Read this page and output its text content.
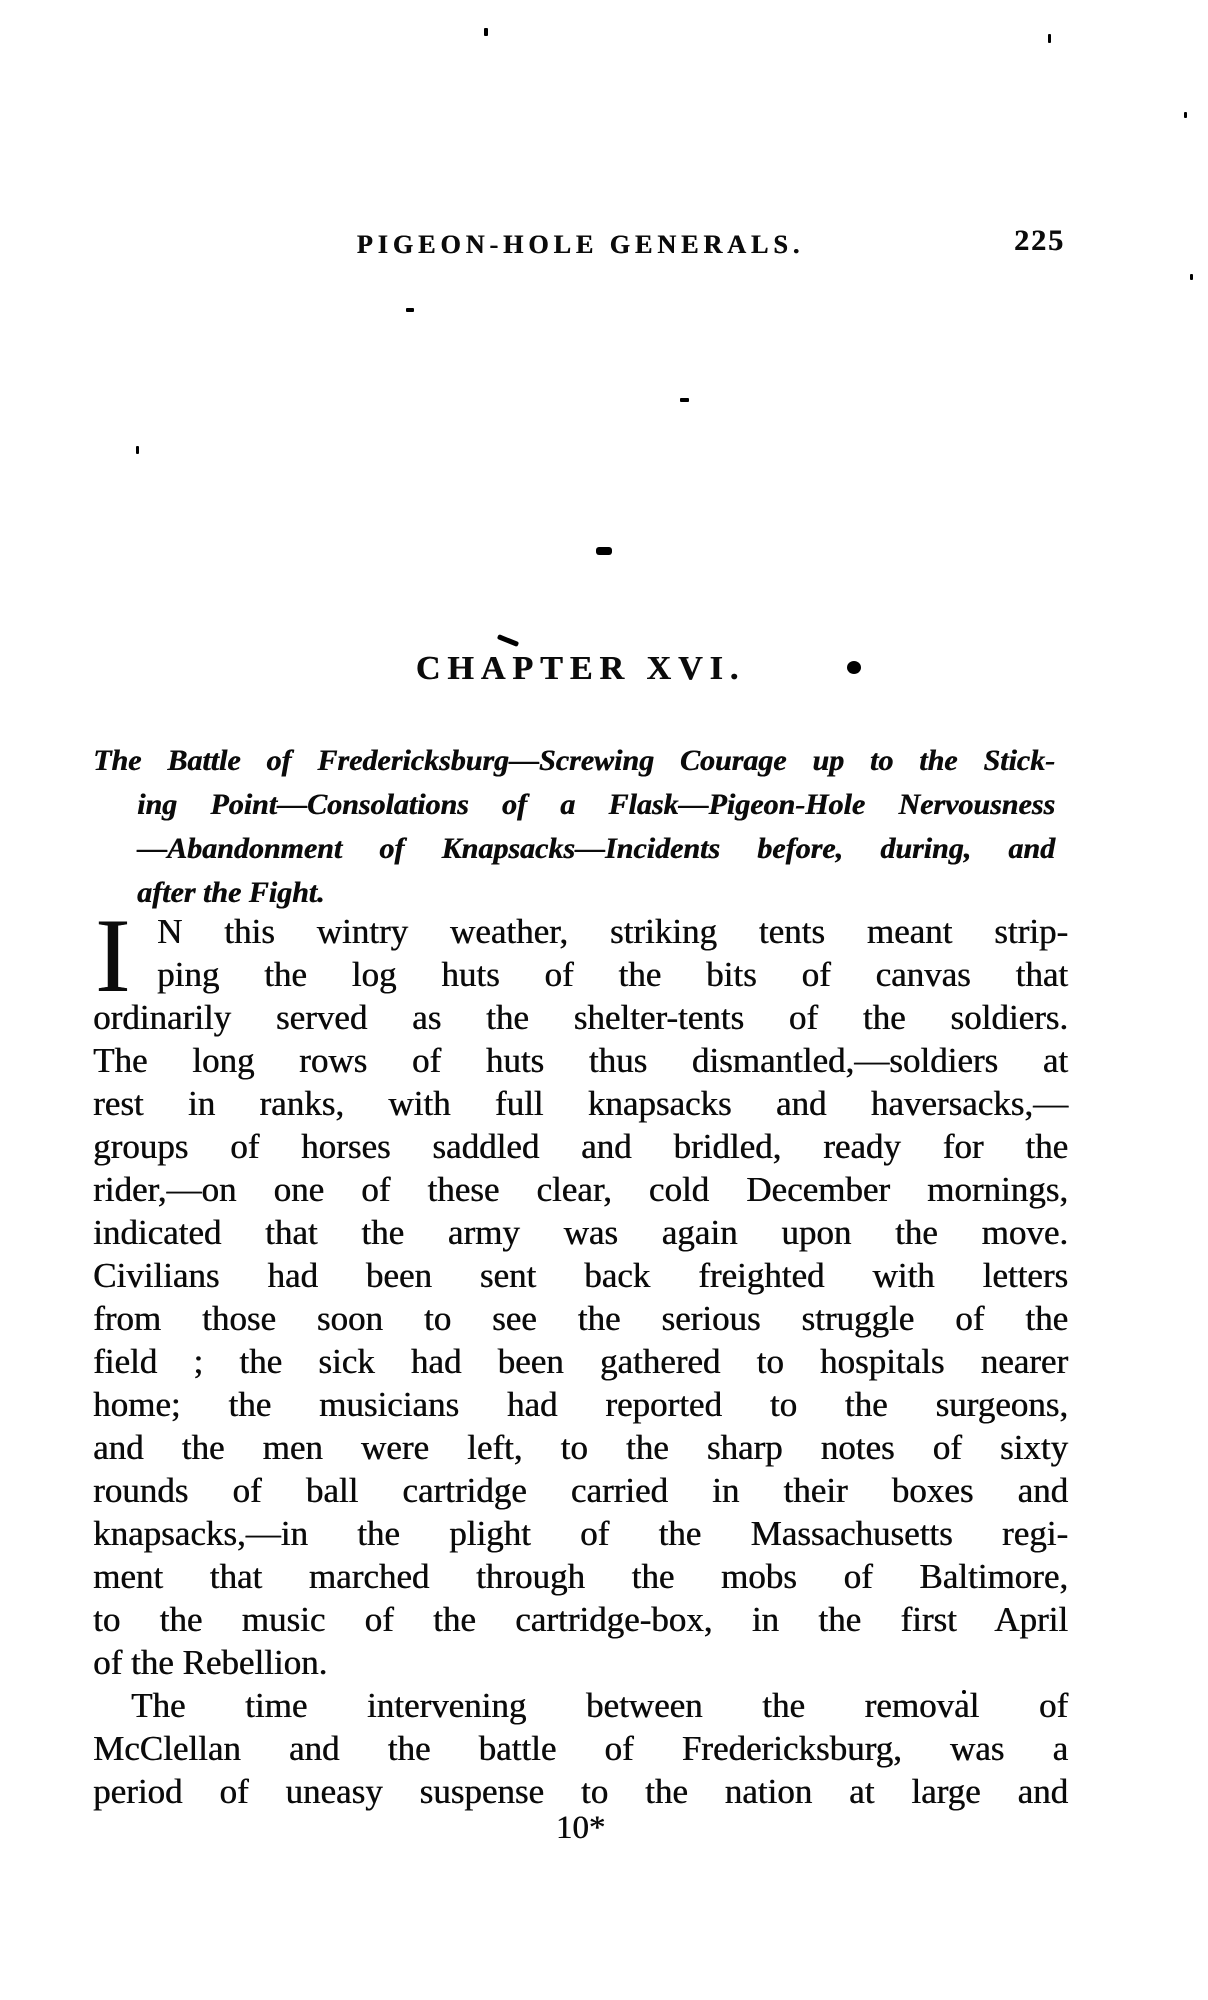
PIGEON-HOLE GENERALS.	225
CHAPTER XVI.
The Battle of Fredericksburg—Screwing Courage up to the Stick-
ing Point—Consolations of a Flask—Pigeon-Hole Nervousness
—Abandonment of Knapsacks—Incidents before, during, and
after the Fight.
I N this wintry weather, striking tents meant strip-
ping the log huts of the bits of canvas that
ordinarily served as the shelter-tents of the soldiers.
The long rows of huts thus dismantled,—soldiers at
rest in ranks, with full knapsacks and haversacks,—
groups of horses saddled and bridled, ready for the
rider,—on one of these clear, cold December mornings,
indicated that the army was again upon the move.
Civilians had been sent back freighted with letters
from those soon to see the serious struggle of the
field ; the sick had been gathered to hospitals nearer
home; the musicians had reported to the surgeons,
and the men were left, to the sharp notes of sixty
rounds of ball cartridge carried in their boxes and
knapsacks,—in the plight of the Massachusetts regi-
ment that marched through the mobs of Baltimore,
to the music of the cartridge-box, in the first April
of the Rebellion.
The time intervening between the removal of
McClellan and the battle of Fredericksburg, was a
period of uneasy suspense to the nation at large and
10*
